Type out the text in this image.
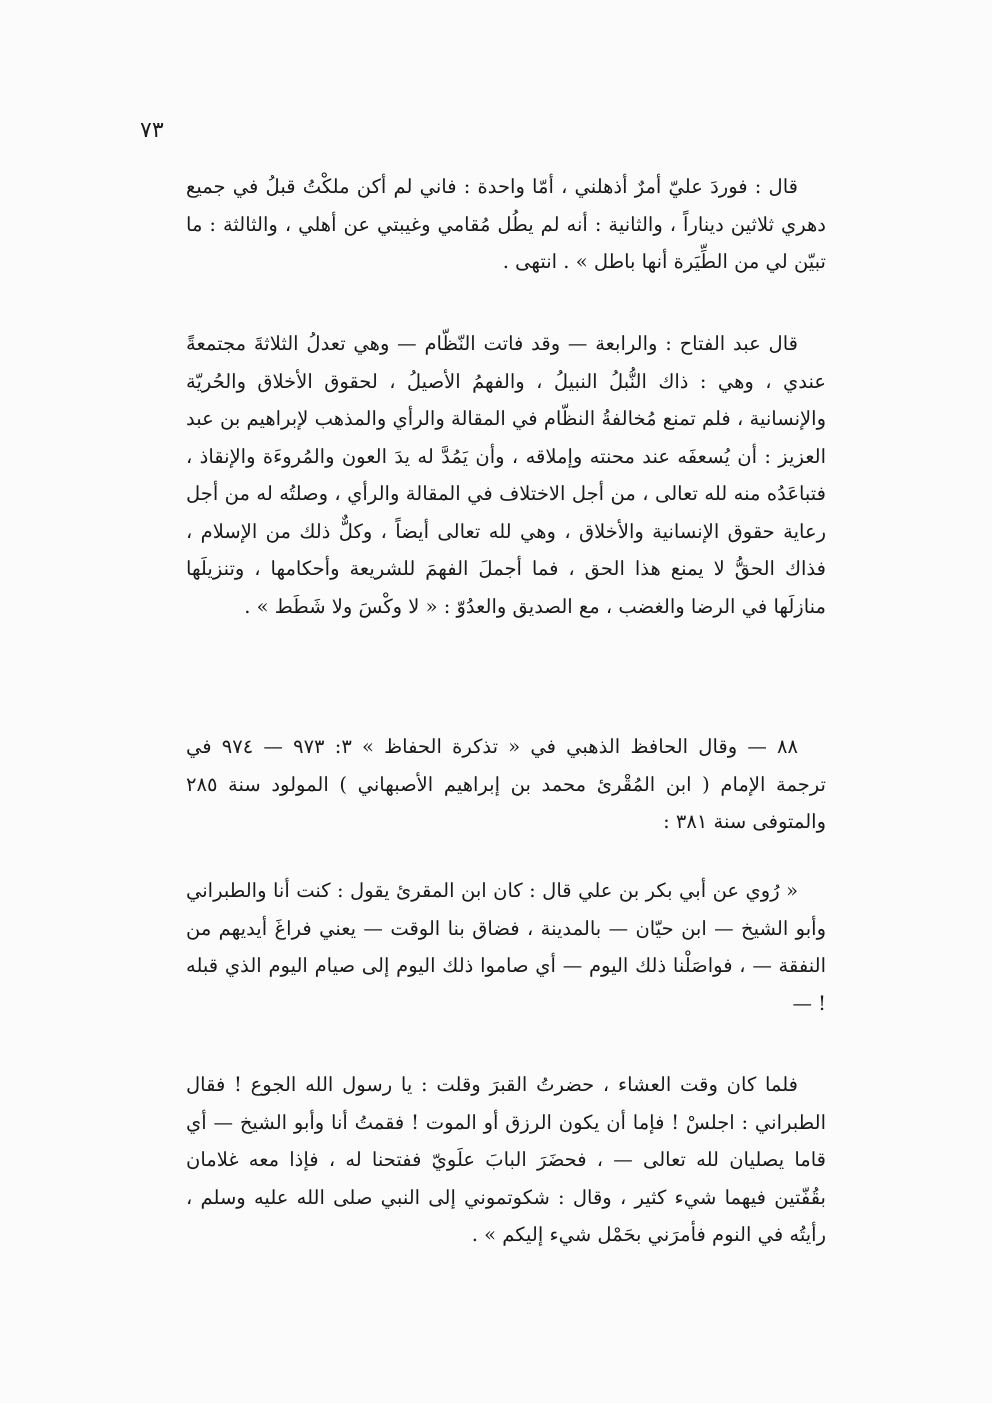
٧٣

قال : فوردَ عليّ أمرٌ أذهلني ، أمّا واحدة : فاني لم أكن ملكْتُ قبلُ في جميع دهري ثلاثين ديناراً ، والثانية : أنه لم يطُل مُقامي وغيبتي عن أهلي ، والثالثة : ما تبيّن لي من الطِّيَرة أنها باطل » . انتهى .

قال عبد الفتاح : والرابعة — وقد فاتت النّظّام — وهي تعدلُ الثلاثةَ مجتمعةً عندي ، وهي : ذاك النُّبلُ النبيلُ ، والفهمُ الأصيلُ ، لحقوق الأخلاق والحُريّة والإنسانية ، فلم تمنع مُخالفةُ النظّام في المقالة والرأي والمذهب لإبراهيم بن عبد العزيز : أن يُسعفَه عند محنته وإملاقه ، وأن يَمُدَّ له يدَ العون والمُروءَة والإنقاذ ، فتباعَدُه منه لله تعالى ، من أجل الاختلاف في المقالة والرأي ، وصلتُه له من أجل رعاية حقوق الإنسانية والأخلاق ، وهي لله تعالى أيضاً ، وكلٌّ ذلك من الإسلام ، فذاك الحقُّ لا يمنع هذا الحق ، فما أجملَ الفهمَ للشريعة وأحكامها ، وتنزيلَها منازلَها في الرضا والغضب ، مع الصديق والعدُوّ : « لا وكْسَ ولا شَطَط » .

٨٨ — وقال الحافظ الذهبي في « تذكرة الحفاظ » ٣: ٩٧٣ — ٩٧٤ في ترجمة الإمام ( ابن المُقْرئ محمد بن إبراهيم الأصبهاني ) المولود سنة ٢٨٥ والمتوفى سنة ٣٨١ :

« رُوي عن أبي بكر بن علي قال : كان ابن المقرئ يقول : كنت أنا والطبراني وأبو الشيخ — ابن حيّان — بالمدينة ، فضاق بنا الوقت — يعني فراغَ أيديهم من النفقة — ، فواصَلْنا ذلك اليوم — أي صاموا ذلك اليوم إلى صيام اليوم الذي قبله ! —

فلما كان وقت العشاء ، حضرتُ القبرَ وقلت : يا رسول الله الجوع ! فقال الطبراني : اجلسْ ! فإما أن يكون الرزق أو الموت ! فقمتُ أنا وأبو الشيخ — أي قاما يصليان لله تعالى — ، فحضَرَ البابَ علَويّ ففتحنا له ، فإذا معه غلامان بقُفّتين فيهما شيء كثير ، وقال : شكوتموني إلى النبي صلى الله عليه وسلم ، رأيتُه في النوم فأمرَني بحَمْل شيء إليكم » .
